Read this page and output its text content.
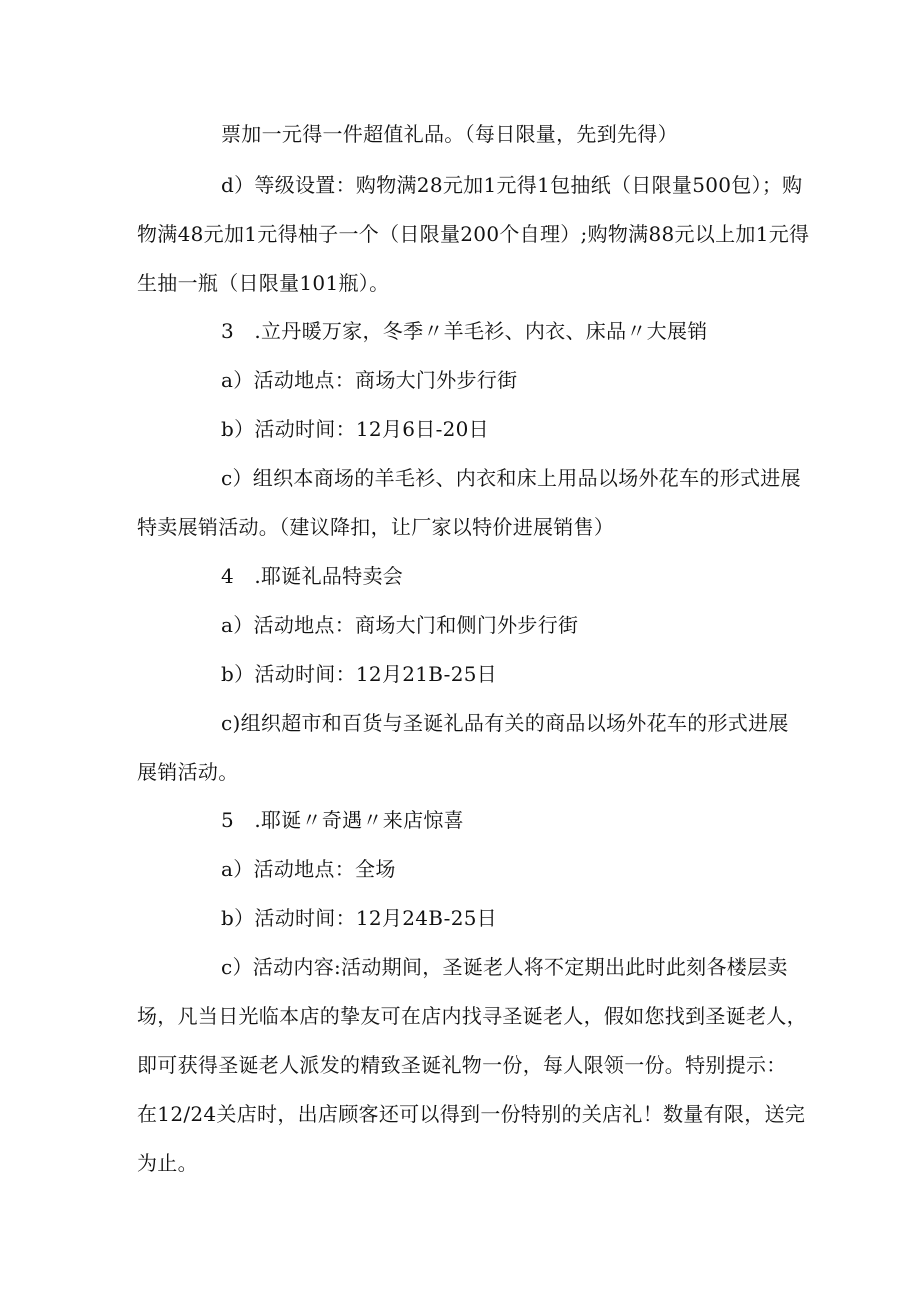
票加一元得一件超值礼品。（每日限量，先到先得）

d）等级设置：购物满28元加1元得1包抽纸（日限量500包）；购
物满48元加1元得柚子一个（日限量200个自理）;购物满88元以上加1元得
生抽一瓶（日限量101瓶）。

3　.立丹暖万家，冬季〃羊毛衫、内衣、床品〃大展销

a）活动地点：商场大门外步行街

b）活动时间：12月6日-20日

c）组织本商场的羊毛衫、内衣和床上用品以场外花车的形式进展
特卖展销活动。（建议降扣，让厂家以特价进展销售）

4　.耶诞礼品特卖会

a）活动地点：商场大门和侧门外步行街

b）活动时间：12月21B-25日

c)组织超市和百货与圣诞礼品有关的商品以场外花车的形式进展
展销活动。

5　.耶诞〃奇遇〃来店惊喜

a）活动地点：全场

b）活动时间：12月24B-25日

c）活动内容:活动期间，圣诞老人将不定期出此时此刻各楼层卖
场，凡当日光临本店的挚友可在店内找寻圣诞老人，假如您找到圣诞老人，
即可获得圣诞老人派发的精致圣诞礼物一份，每人限领一份。特别提示：
在12/24关店时，出店顾客还可以得到一份特别的关店礼！数量有限，送完
为止。
